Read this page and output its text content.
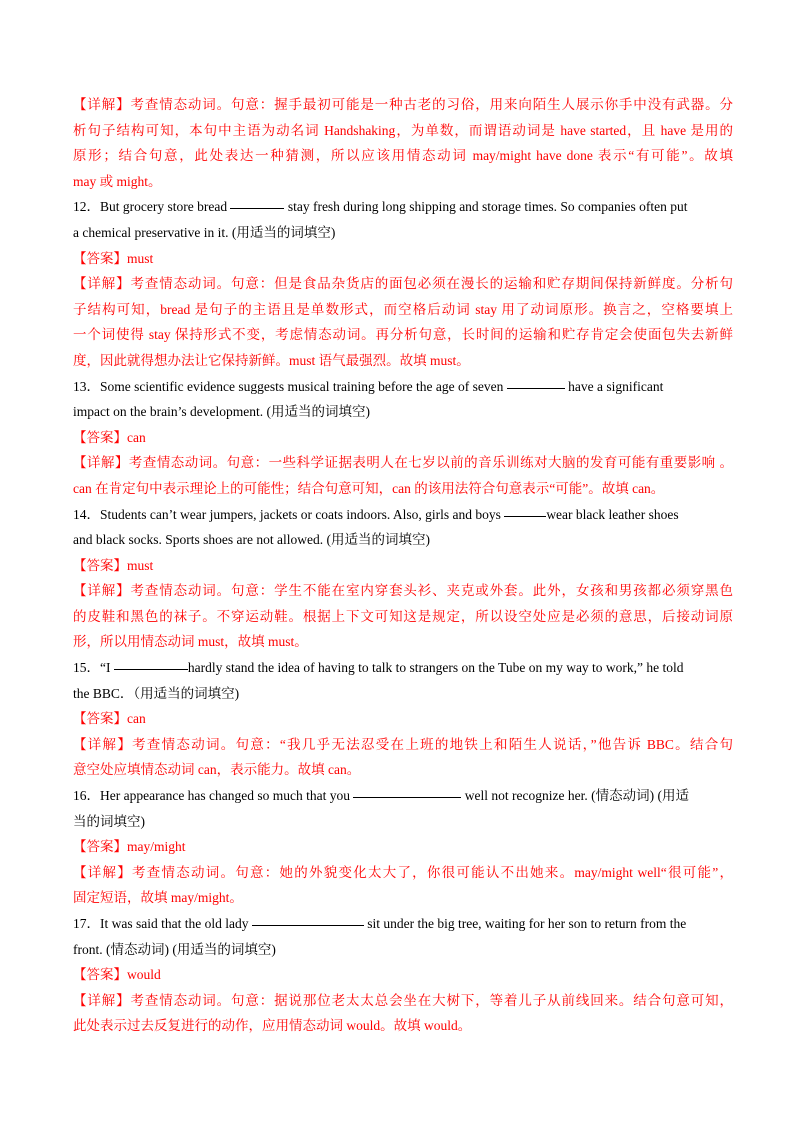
【详解】考查情态动词。句意：握手最初可能是一种古老的习俗，用来向陌生人展示你手中没有武器。分
析句子结构可知，本句中主语为动名词 Handshaking，为单数，而谓语动词是 have started，且 have 是用的
原形；结合句意，此处表达一种猜测，所以应该用情态动词 may/might have done 表示“有可能”。故填
may 或 might。
12．But grocery store bread	stay fresh during long shipping and storage times. So companies often put
a chemical preservative in it. (用适当的词填空)
【答案】must
【详解】考查情态动词。句意：但是食品杂货店的面包必须在漫长的运输和贮存期间保持新鲜度。分析句
子结构可知，bread 是句子的主语且是单数形式，而空格后动词 stay 用了动词原形。换言之，空格要填上
一个词使得 stay 保持形式不变，考虑情态动词。再分析句意，长时间的运输和贮存肯定会使面包失去新鲜
度，因此就得想办法让它保持新鲜。must 语气最强烈。故填 must。
13．Some scientific evidence suggests musical training before the age of seven	have a significant
impact on the brain’s development. (用适当的词填空)
【答案】can
【详解】考查情态动词。句意：一些科学证据表明人在七岁以前的音乐训练对大脑的发育可能有重要影响 。
can 在肯定句中表示理论上的可能性；结合句意可知，can 的该用法符合句意表示“可能”。故填 can。
14．Students can’t wear jumpers, jackets or coats indoors. Also, girls and boys	wear black leather shoes
and black socks. Sports shoes are not allowed. (用适当的词填空)
【答案】must
【详解】考查情态动词。句意：学生不能在室内穿套头衫、夹克或外套。此外，女孩和男孩都必须穿黑色
的皮鞋和黑色的袜子。不穿运动鞋。根据上下文可知这是规定，所以设空处应是必须的意思，后接动词原
形，所以用情态动词 must，故填 must。
15．“I	hardly stand the idea of having to talk to strangers on the Tube on my way to work,” he told
the BBC．（用适当的词填空)
【答案】can
【详解】考查情态动词。句意：“我几乎无法忍受在上班的地铁上和陌生人说话，”他告诉 BBC。结合句
意空处应填情态动词 can，表示能力。故填 can。
16．Her appearance has changed so much that you	well not recognize her. (情态动词) (用适
当的词填空)
【答案】may/might
【详解】考查情态动词。句意：她的外貌变化太大了，你很可能认不出她来。may/might well“很可能”，
固定短语，故填 may/might。
17．It was said that the old lady	sit under the big tree, waiting for her son to return from the
front. (情态动词) (用适当的词填空)
【答案】would
【详解】考查情态动词。句意：据说那位老太太总会坐在大树下，等着儿子从前线回来。结合句意可知，
此处表示过去反复进行的动作，应用情态动词 would。故填 would。
